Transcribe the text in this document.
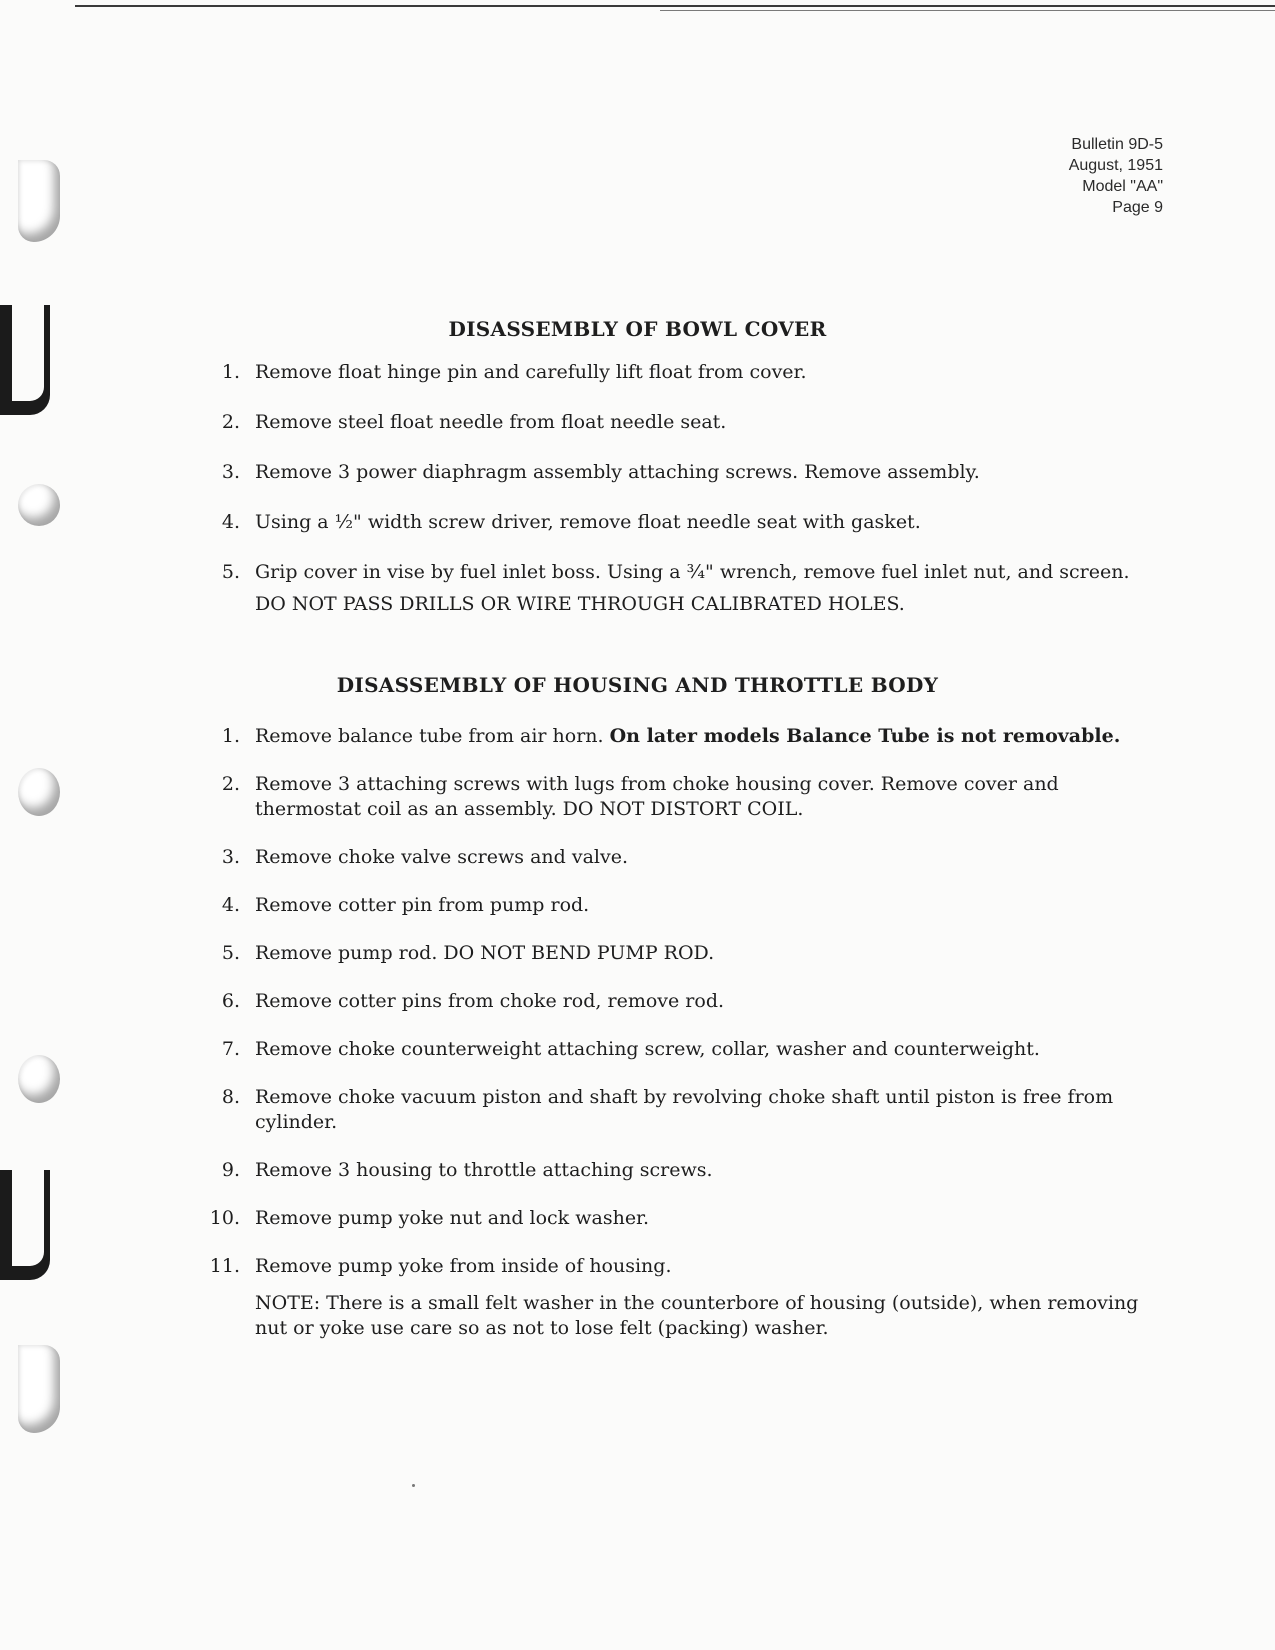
Bulletin 9D-5
August, 1951
Model "AA"
Page 9
DISASSEMBLY OF BOWL COVER
1. Remove float hinge pin and carefully lift float from cover.
2. Remove steel float needle from float needle seat.
3. Remove 3 power diaphragm assembly attaching screws. Remove assembly.
4. Using a ½" width screw driver, remove float needle seat with gasket.
5. Grip cover in vise by fuel inlet boss. Using a ¾" wrench, remove fuel inlet nut, and screen.
DO NOT PASS DRILLS OR WIRE THROUGH CALIBRATED HOLES.
DISASSEMBLY OF HOUSING AND THROTTLE BODY
1. Remove balance tube from air horn. On later models Balance Tube is not removable.
2. Remove 3 attaching screws with lugs from choke housing cover. Remove cover and thermostat coil as an assembly. DO NOT DISTORT COIL.
3. Remove choke valve screws and valve.
4. Remove cotter pin from pump rod.
5. Remove pump rod. DO NOT BEND PUMP ROD.
6. Remove cotter pins from choke rod, remove rod.
7. Remove choke counterweight attaching screw, collar, washer and counterweight.
8. Remove choke vacuum piston and shaft by revolving choke shaft until piston is free from cylinder.
9. Remove 3 housing to throttle attaching screws.
10. Remove pump yoke nut and lock washer.
11. Remove pump yoke from inside of housing.
NOTE: There is a small felt washer in the counterbore of housing (outside), when removing nut or yoke use care so as not to lose felt (packing) washer.
